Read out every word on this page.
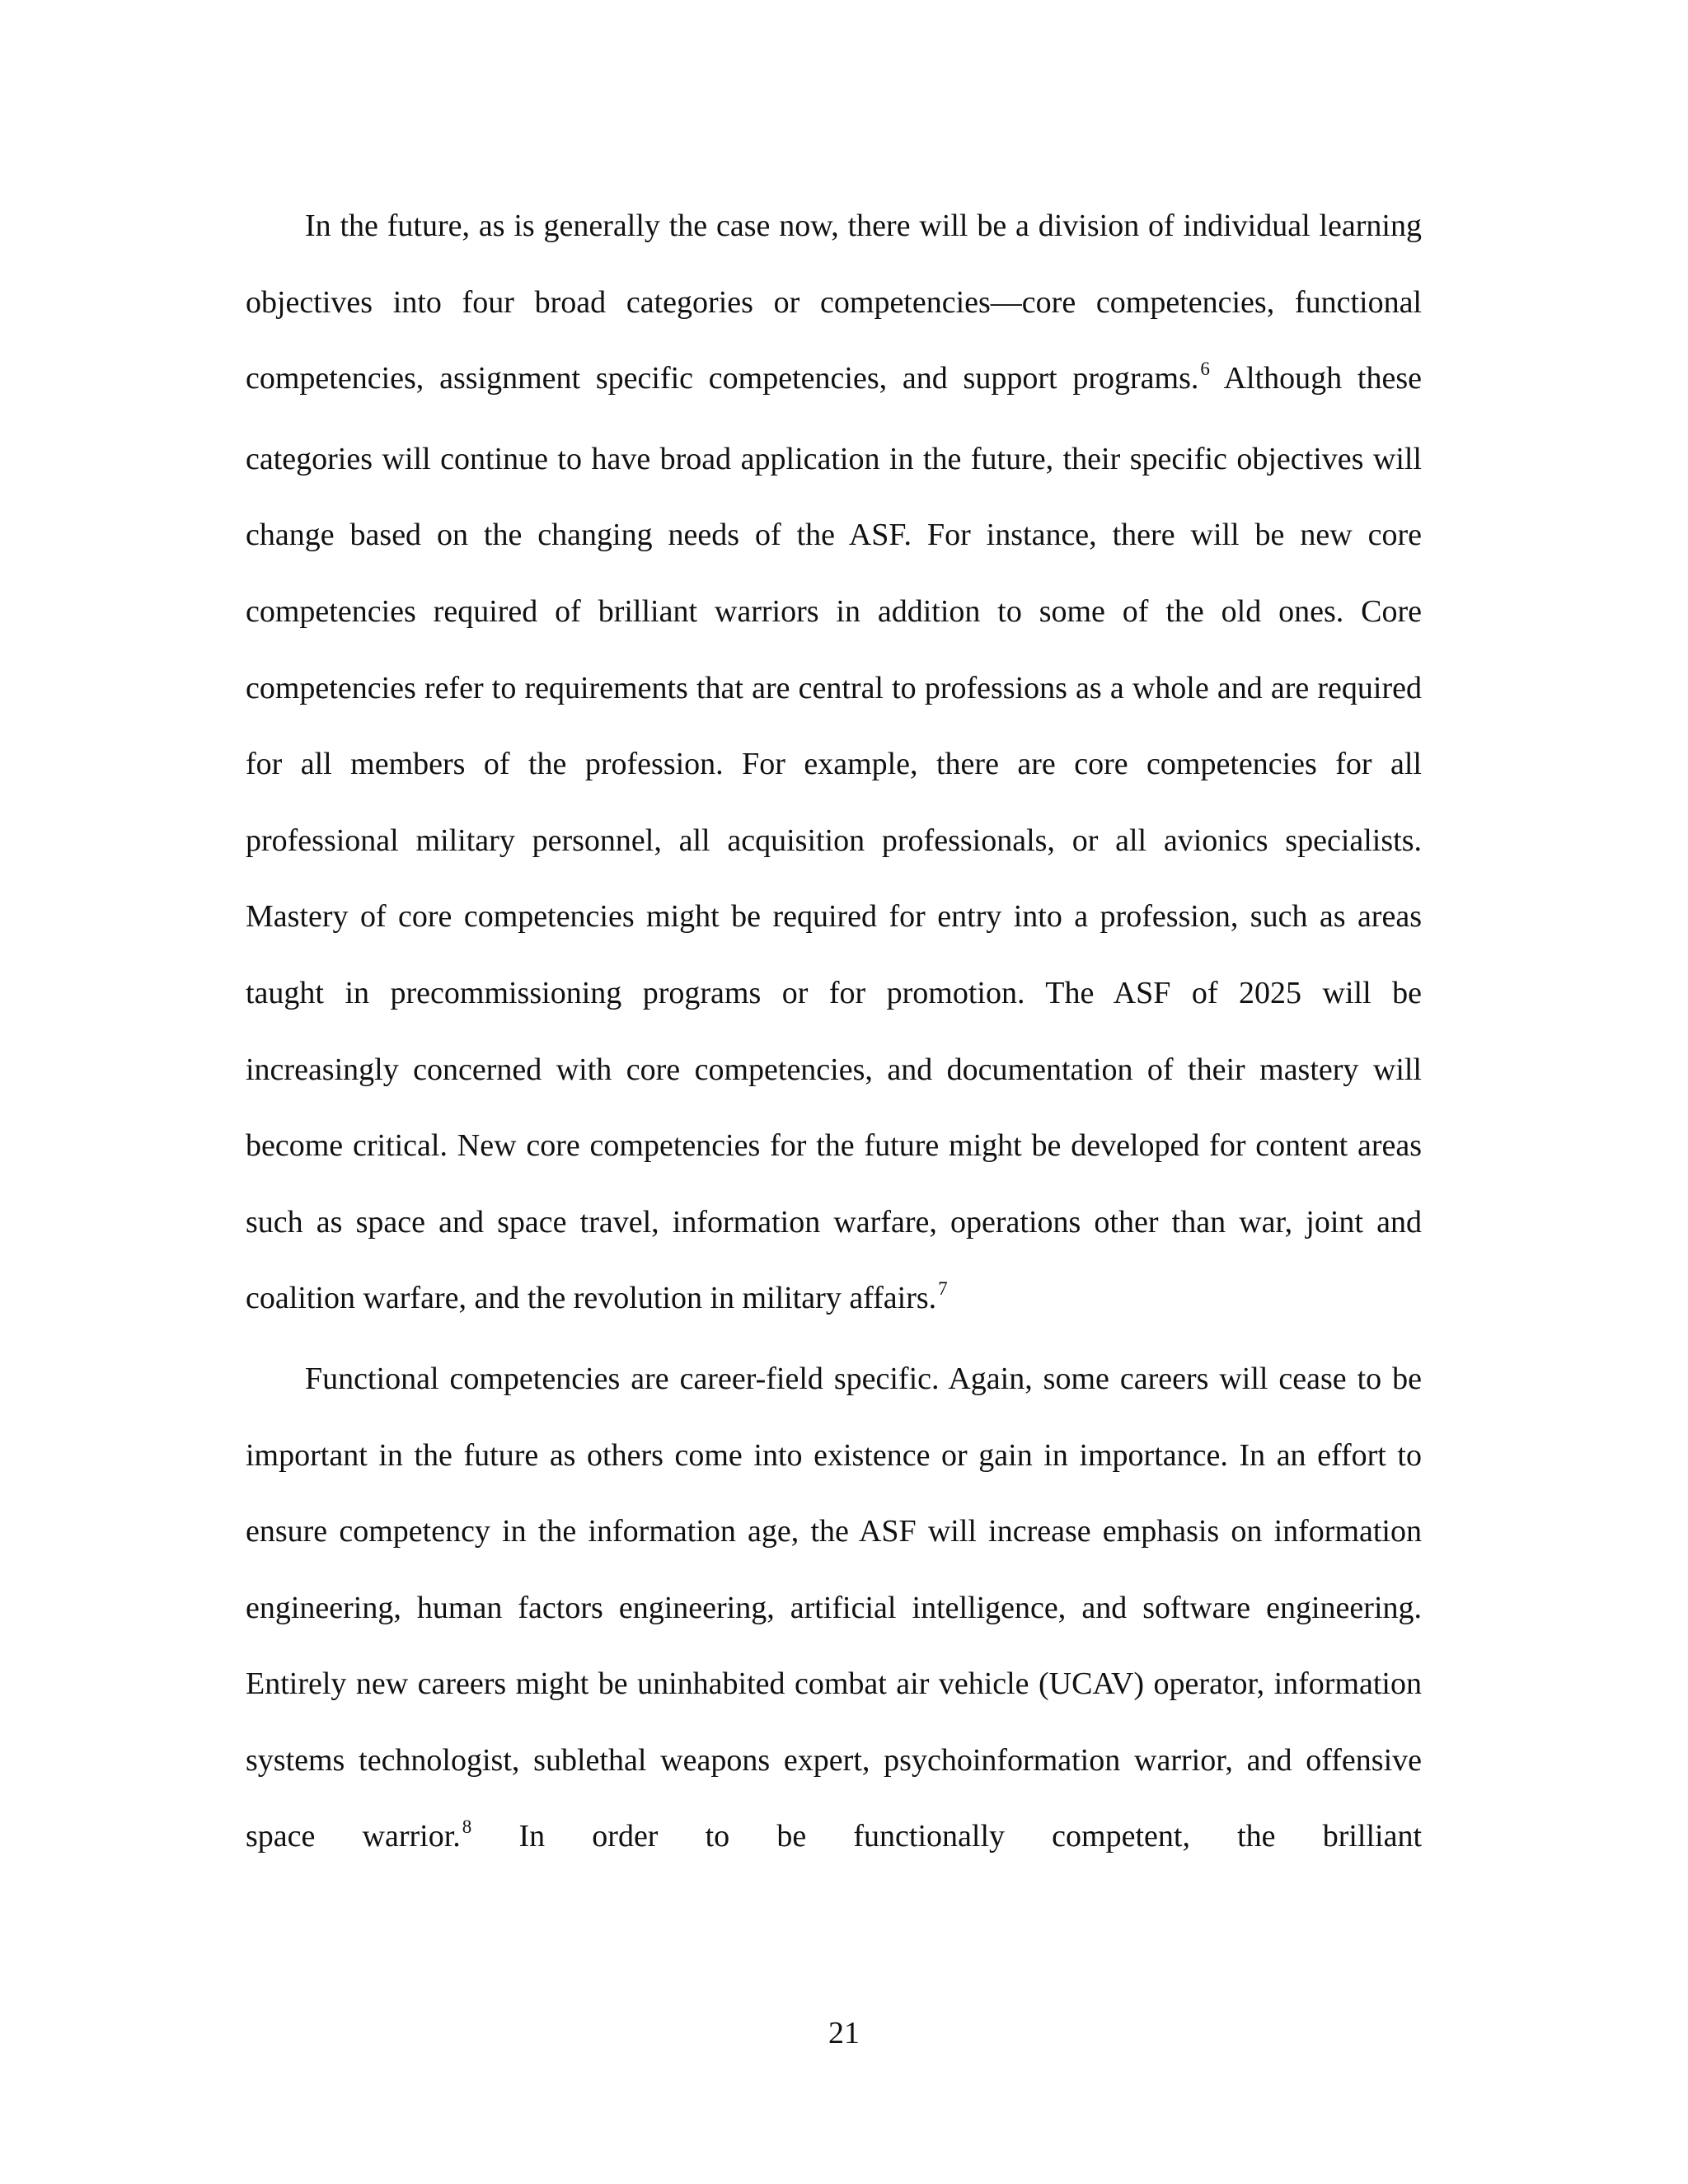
In the future, as is generally the case now, there will be a division of individual learning objectives into four broad categories or competencies—core competencies, functional competencies, assignment specific competencies, and support programs.$^6$ Although these categories will continue to have broad application in the future, their specific objectives will change based on the changing needs of the ASF. For instance, there will be new core competencies required of brilliant warriors in addition to some of the old ones. Core competencies refer to requirements that are central to professions as a whole and are required for all members of the profession. For example, there are core competencies for all professional military personnel, all acquisition professionals, or all avionics specialists. Mastery of core competencies might be required for entry into a profession, such as areas taught in precommissioning programs or for promotion. The ASF of 2025 will be increasingly concerned with core competencies, and documentation of their mastery will become critical. New core competencies for the future might be developed for content areas such as space and space travel, information warfare, operations other than war, joint and coalition warfare, and the revolution in military affairs.$^7$

Functional competencies are career-field specific. Again, some careers will cease to be important in the future as others come into existence or gain in importance. In an effort to ensure competency in the information age, the ASF will increase emphasis on information engineering, human factors engineering, artificial intelligence, and software engineering. Entirely new careers might be uninhabited combat air vehicle (UCAV) operator, information systems technologist, sublethal weapons expert, psychoinformation warrior, and offensive space warrior.$^8$ In order to be functionally competent, the brilliant

21
